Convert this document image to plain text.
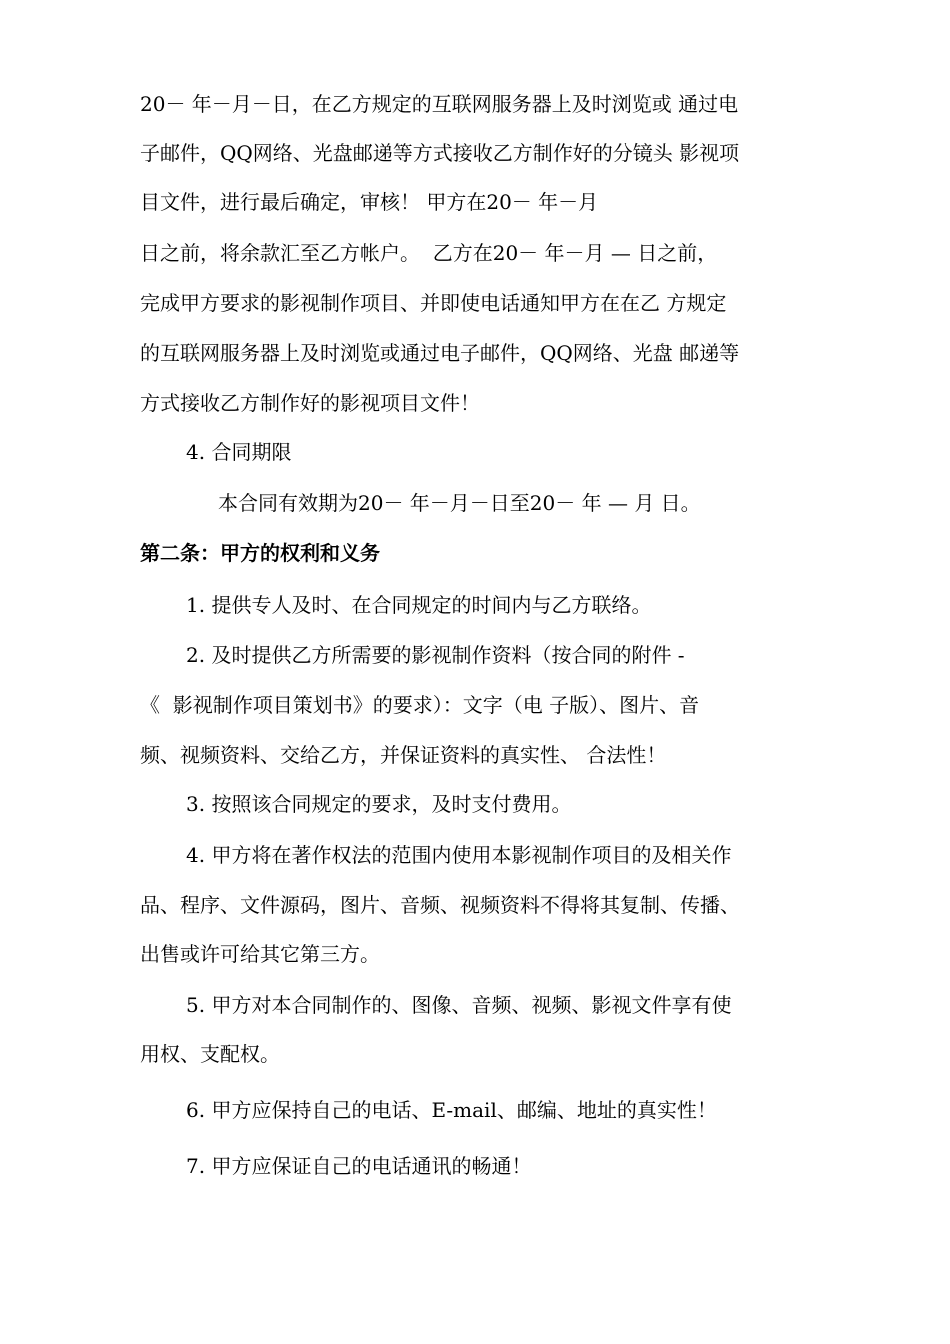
20－ 年－月－日，在乙方规定的互联网服务器上及时浏览或 通过电
子邮件，QQ网络、光盘邮递等方式接收乙方制作好的分镜头 影视项
目文件，进行最后确定，审核！ 甲方在20－ 年－月
日之前，将余款汇至乙方帐户。  乙方在20－ 年－月 — 日之前，
完成甲方要求的影视制作项目、并即使电话通知甲方在在乙 方规定
的互联网服务器上及时浏览或通过电子邮件，QQ网络、光盘 邮递等
方式接收乙方制作好的影视项目文件！
4. 合同期限
本合同有效期为20－ 年－月－日至20－ 年 — 月 日。
第二条：甲方的权利和义务
1. 提供专人及时、在合同规定的时间内与乙方联络。
2. 及时提供乙方所需要的影视制作资料（按合同的附件 -
《  影视制作项目策划书》的要求）：文字（电 子版）、图片、音
频、视频资料、交给乙方，并保证资料的真实性、 合法性！
3. 按照该合同规定的要求，及时支付费用。
4. 甲方将在著作权法的范围内使用本影视制作项目的及相关作
品、程序、文件源码，图片、音频、视频资料不得将其复制、传播、
出售或许可给其它第三方。
5. 甲方对本合同制作的、图像、音频、视频、影视文件享有使
用权、支配权。
6. 甲方应保持自己的电话、E-mail、邮编、地址的真实性！
7. 甲方应保证自己的电话通讯的畅通！
